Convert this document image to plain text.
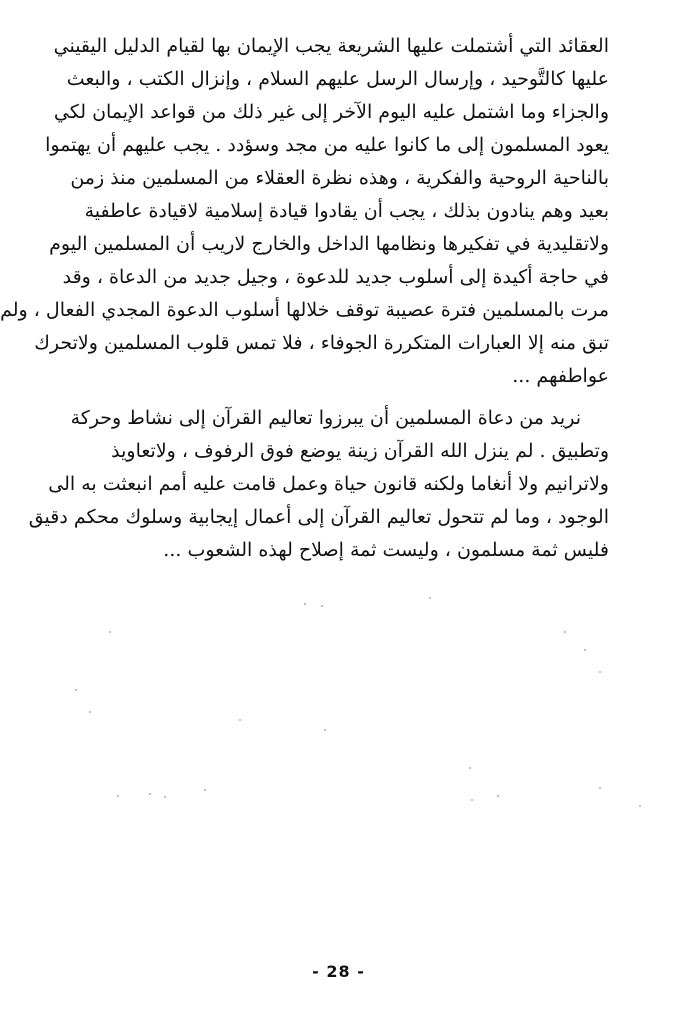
العقائد التي أشتملت عليها الشريعة يجب الإيمان بها لقيام الدليل اليقيني
عليها كالتَّوحيد ، وإرسال الرسل عليهم السلام ، وإنزال الكتب ، والبعث
والجزاء وما اشتمل عليه اليوم الآخر إلى غير ذلك من قواعد الإيمان لكي
يعود المسلمون إلى ما كانوا عليه من مجد وسؤدد . يجب عليهم أن يهتموا
بالناحية الروحية والفكرية ، وهذه نظرة العقلاء من المسلمين منذ زمن
بعيد وهم ينادون بذلك ، يجب أن يقادوا قيادة إسلامية لاقيادة عاطفية
ولاتقليدية في تفكيرها ونظامها الداخل والخارج لاريب أن المسلمين اليوم
في حاجة أكيدة إلى أسلوب جديد للدعوة ، وجيل جديد من الدعاة ، وقد
مرت بالمسلمين فترة عصيبة توقف خلالها أسلوب الدعوة المجدي الفعال ، ولم
تبق منه إلا العبارات المتكررة الجوفاء ، فلا تمس قلوب المسلمين ولاتحرك
عواطفهم ...
نريد من دعاة المسلمين أن يبرزوا تعاليم القرآن إلى نشاط وحركة
وتطبيق . لم ينزل الله القرآن زينة يوضع فوق الرفوف ، ولاتعاويذ
ولاترانيم ولا أنغاما ولكنه قانون حياة وعمل قامت عليه أمم انبعثت به الى
الوجود ، وما لم تتحول تعاليم القرآن إلى أعمال إيجابية وسلوك محكم دقيق
فليس ثمة مسلمون ، وليست ثمة إصلاح لهذه الشعوب ...
- 28 -
